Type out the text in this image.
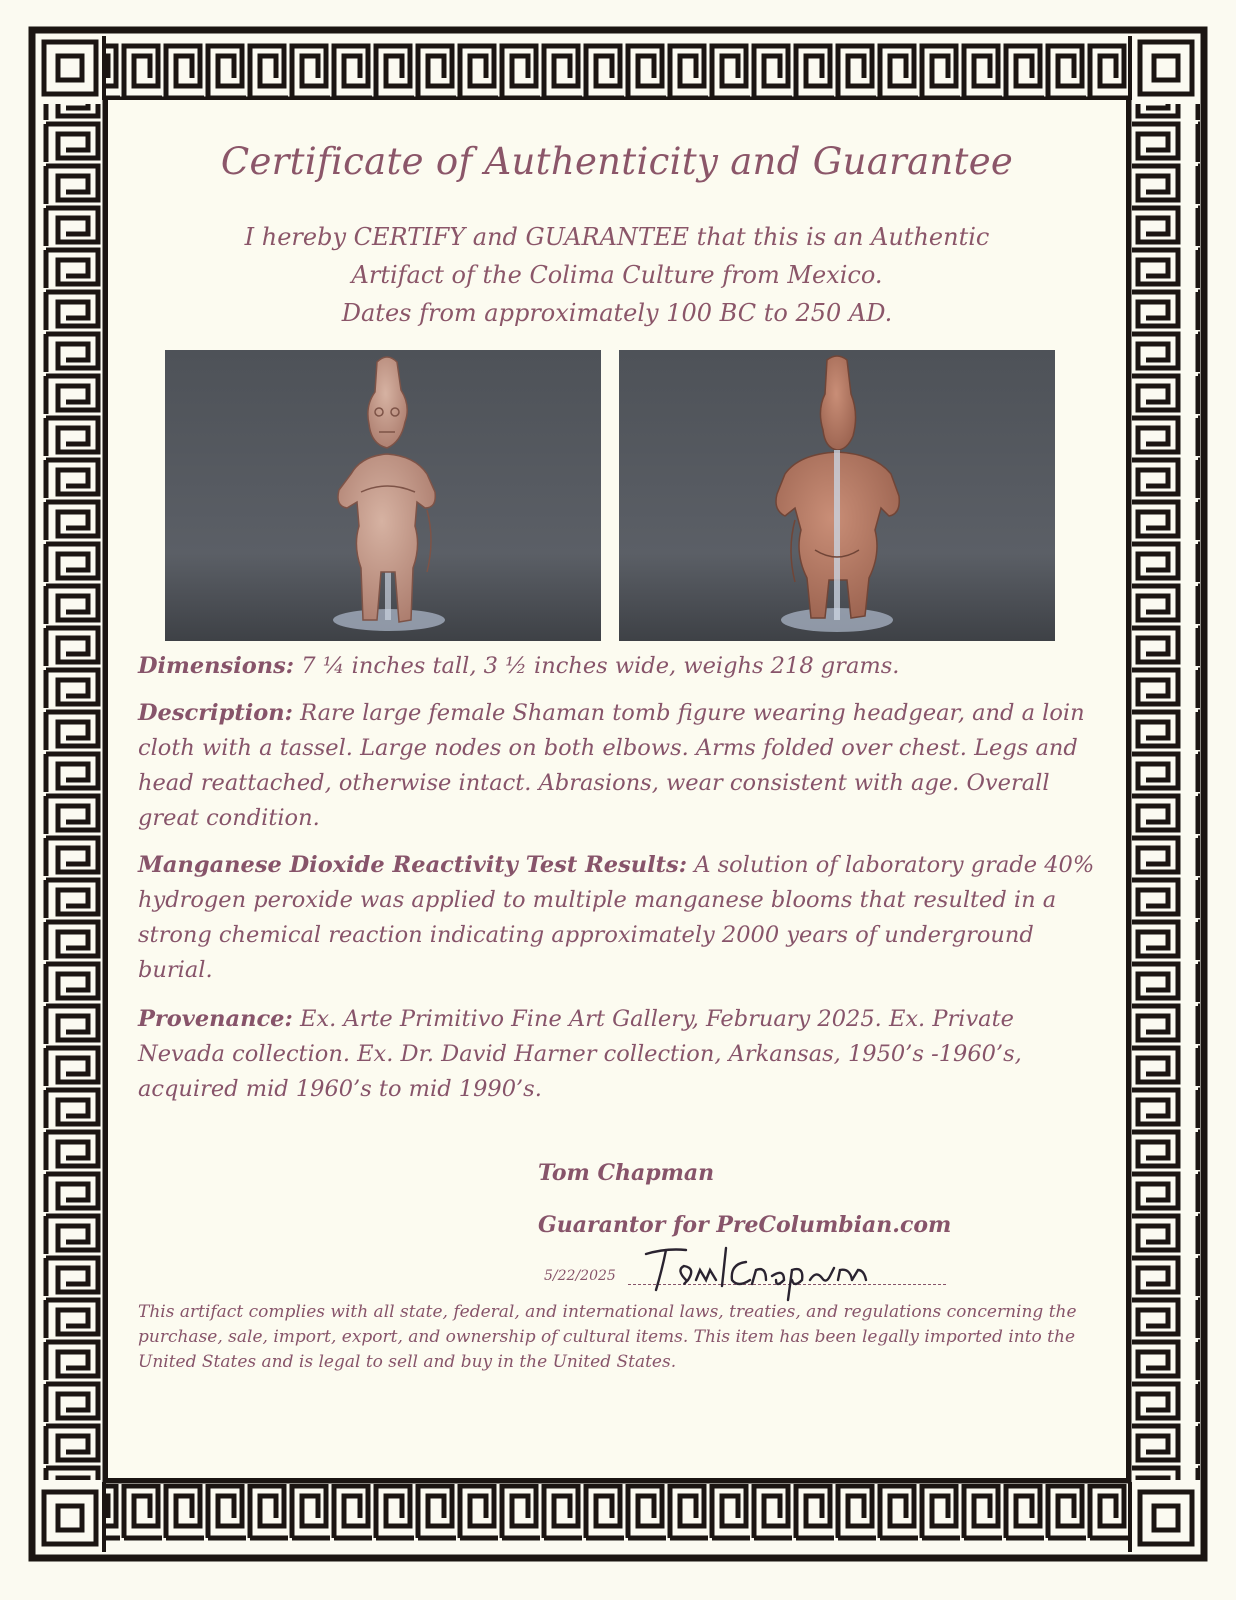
Certificate of Authenticity and Guarantee
I hereby CERTIFY and GUARANTEE that this is an Authentic
Artifact of the Colima Culture from Mexico.
Dates from approximately 100 BC to 250 AD.
Dimensions: 7 ¼ inches tall, 3 ½ inches wide, weighs 218 grams.
Description: Rare large female Shaman tomb figure wearing headgear, and a loin cloth with a tassel. Large nodes on both elbows. Arms folded over chest. Legs and head reattached, otherwise intact. Abrasions, wear consistent with age. Overall great condition.
Manganese Dioxide Reactivity Test Results: A solution of laboratory grade 40% hydrogen peroxide was applied to multiple manganese blooms that resulted in a strong chemical reaction indicating approximately 2000 years of underground burial.
Provenance: Ex. Arte Primitivo Fine Art Gallery, February 2025. Ex. Private Nevada collection. Ex. Dr. David Harner collection, Arkansas, 1950’s -1960’s, acquired mid 1960’s to mid 1990’s.
Tom Chapman
Guarantor for PreColumbian.com
5/22/2025
This artifact complies with all state, federal, and international laws, treaties, and regulations concerning the purchase, sale, import, export, and ownership of cultural items. This item has been legally imported into the United States and is legal to sell and buy in the United States.
